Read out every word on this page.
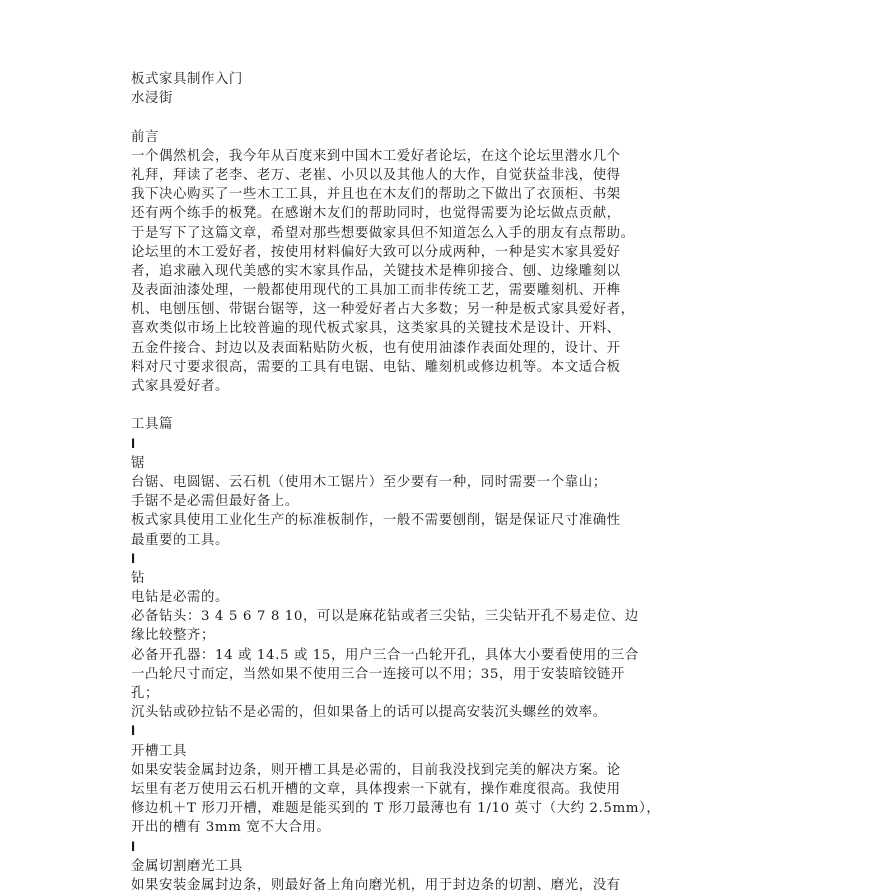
板式家具制作入门
水浸街
前言
一个偶然机会，我今年从百度来到中国木工爱好者论坛，在这个论坛里潜水几个
礼拜，拜读了老李、老万、老崔、小贝以及其他人的大作，自觉获益非浅，使得
我下决心购买了一些木工工具，并且也在木友们的帮助之下做出了衣顶柜、书架
还有两个练手的板凳。在感谢木友们的帮助同时，也觉得需要为论坛做点贡献，
于是写下了这篇文章，希望对那些想要做家具但不知道怎么入手的朋友有点帮助。
论坛里的木工爱好者，按使用材料偏好大致可以分成两种，一种是实木家具爱好
者，追求融入现代美感的实木家具作品，关键技术是榫卯接合、刨、边缘雕刻以
及表面油漆处理，一般都使用现代的工具加工而非传统工艺，需要雕刻机、开榫
机、电刨压刨、带锯台锯等，这一种爱好者占大多数；另一种是板式家具爱好者，
喜欢类似市场上比较普遍的现代板式家具，这类家具的关键技术是设计、开料、
五金件接合、封边以及表面粘贴防火板，也有使用油漆作表面处理的，设计、开
料对尺寸要求很高，需要的工具有电锯、电钻、雕刻机或修边机等。本文适合板
式家具爱好者。
工具篇
l
锯
台锯、电圆锯、云石机（使用木工锯片）至少要有一种，同时需要一个靠山；
手锯不是必需但最好备上。
板式家具使用工业化生产的标准板制作，一般不需要刨削，锯是保证尺寸准确性
最重要的工具。
l
钻
电钻是必需的。
必备钻头：3 4 5 6 7 8 10，可以是麻花钻或者三尖钻，三尖钻开孔不易走位、边
缘比较整齐；
必备开孔器：14 或 14.5 或 15，用户三合一凸轮开孔，具体大小要看使用的三合
一凸轮尺寸而定，当然如果不使用三合一连接可以不用；35，用于安装暗铰链开
孔；
沉头钻或砂拉钻不是必需的，但如果备上的话可以提高安装沉头螺丝的效率。
l
开槽工具
如果安装金属封边条，则开槽工具是必需的，目前我没找到完美的解决方案。论
坛里有老万使用云石机开槽的文章，具体搜索一下就有，操作难度很高。我使用
修边机＋T 形刀开槽，难题是能买到的 T 形刀最薄也有 1/10 英寸（大约 2.5mm），
开出的槽有 3mm 宽不大合用。
l
金属切割磨光工具
如果安装金属封边条，则最好备上角向磨光机，用于封边条的切割、磨光，没有
